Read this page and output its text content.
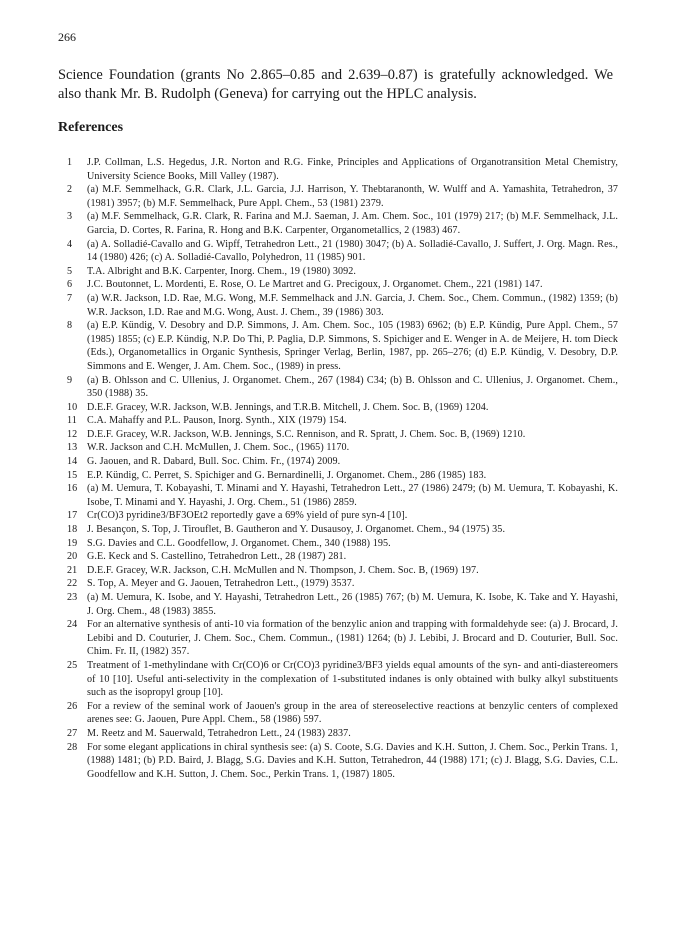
266

Science Foundation (grants No 2.865–0.85 and 2.639–0.87) is gratefully acknowledged. We also thank Mr. B. Rudolph (Geneva) for carrying out the HPLC analysis.

References
1	J.P. Collman, L.S. Hegedus, J.R. Norton and R.G. Finke, Principles and Applications of Organotransition Metal Chemistry, University Science Books, Mill Valley (1987).
2	(a) M.F. Semmelhack, G.R. Clark, J.L. Garcia, J.J. Harrison, Y. Thebtaranonth, W. Wulff and A. Yamashita, Tetrahedron, 37 (1981) 3957; (b) M.F. Semmelhack, Pure Appl. Chem., 53 (1981) 2379.
3	(a) M.F. Semmelhack, G.R. Clark, R. Farina and M.J. Saeman, J. Am. Chem. Soc., 101 (1979) 217; (b) M.F. Semmelhack, J.L. Garcia, D. Cortes, R. Farina, R. Hong and B.K. Carpenter, Organometallics, 2 (1983) 467.
4	(a) A. Solladié-Cavallo and G. Wipff, Tetrahedron Lett., 21 (1980) 3047; (b) A. Solladié-Cavallo, J. Suffert, J. Org. Magn. Res., 14 (1980) 426; (c) A. Solladié-Cavallo, Polyhedron, 11 (1985) 901.
5	T.A. Albright and B.K. Carpenter, Inorg. Chem., 19 (1980) 3092.
6	J.C. Boutonnet, L. Mordenti, E. Rose, O. Le Martret and G. Precigoux, J. Organomet. Chem., 221 (1981) 147.
7	(a) W.R. Jackson, I.D. Rae, M.G. Wong, M.F. Semmelhack and J.N. Garcia, J. Chem. Soc., Chem. Commun., (1982) 1359; (b) W.R. Jackson, I.D. Rae and M.G. Wong, Aust. J. Chem., 39 (1986) 303.
8	(a) E.P. Kündig, V. Desobry and D.P. Simmons, J. Am. Chem. Soc., 105 (1983) 6962; (b) E.P. Kündig, Pure Appl. Chem., 57 (1985) 1855; (c) E.P. Kündig, N.P. Do Thi, P. Paglia, D.P. Simmons, S. Spichiger and E. Wenger in A. de Meijere, H. tom Dieck (Eds.), Organometallics in Organic Synthesis, Springer Verlag, Berlin, 1987, pp. 265–276; (d) E.P. Kündig, V. Desobry, D.P. Simmons and E. Wenger, J. Am. Chem. Soc., (1989) in press.
9	(a) B. Ohlsson and C. Ullenius, J. Organomet. Chem., 267 (1984) C34; (b) B. Ohlsson and C. Ullenius, J. Organomet. Chem., 350 (1988) 35.
10 D.E.F. Gracey, W.R. Jackson, W.B. Jennings, and T.R.B. Mitchell, J. Chem. Soc. B, (1969) 1204.
11 C.A. Mahaffy and P.L. Pauson, Inorg. Synth., XIX (1979) 154.
12 D.E.F. Gracey, W.R. Jackson, W.B. Jennings, S.C. Rennison, and R. Spratt, J. Chem. Soc. B, (1969) 1210.
13 W.R. Jackson and C.H. McMullen, J. Chem. Soc., (1965) 1170.
14 G. Jaouen, and R. Dabard, Bull. Soc. Chim. Fr., (1974) 2009.
15 E.P. Kündig, C. Perret, S. Spichiger and G. Bernardinelli, J. Organomet. Chem., 286 (1985) 183.
16 (a) M. Uemura, T. Kobayashi, T. Minami and Y. Hayashi, Tetrahedron Lett., 27 (1986) 2479; (b) M. Uemura, T. Kobayashi, K. Isobe, T. Minami and Y. Hayashi, J. Org. Chem., 51 (1986) 2859.
17 Cr(CO)3 pyridine3/BF3OEt2 reportedly gave a 69% yield of pure syn-4 [10].
18 J. Besançon, S. Top, J. Tirouflet, B. Gautheron and Y. Dusausoy, J. Organomet. Chem., 94 (1975) 35.
19 S.G. Davies and C.L. Goodfellow, J. Organomet. Chem., 340 (1988) 195.
20 G.E. Keck and S. Castellino, Tetrahedron Lett., 28 (1987) 281.
21 D.E.F. Gracey, W.R. Jackson, C.H. McMullen and N. Thompson, J. Chem. Soc. B, (1969) 197.
22 S. Top, A. Meyer and G. Jaouen, Tetrahedron Lett., (1979) 3537.
23 (a) M. Uemura, K. Isobe, and Y. Hayashi, Tetrahedron Lett., 26 (1985) 767; (b) M. Uemura, K. Isobe, K. Take and Y. Hayashi, J. Org. Chem., 48 (1983) 3855.
24 For an alternative synthesis of anti-10 via formation of the benzylic anion and trapping with formaldehyde see: (a) J. Brocard, J. Lebibi and D. Couturier, J. Chem. Soc., Chem. Commun., (1981) 1264; (b) J. Lebibi, J. Brocard and D. Couturier, Bull. Soc. Chim. Fr. II, (1982) 357.
25 Treatment of 1-methylindane with Cr(CO)6 or Cr(CO)3 pyridine3/BF3 yields equal amounts of the syn- and anti-diastereomers of 10 [10]. Useful anti-selectivity in the complexation of 1-substituted indanes is only obtained with bulky alkyl substituents such as the isopropyl group [10].
26 For a review of the seminal work of Jaouen's group in the area of stereoselective reactions at benzylic centers of complexed arenes see: G. Jaouen, Pure Appl. Chem., 58 (1986) 597.
27 M. Reetz and M. Sauerwald, Tetrahedron Lett., 24 (1983) 2837.
28 For some elegant applications in chiral synthesis see: (a) S. Coote, S.G. Davies and K.H. Sutton, J. Chem. Soc., Perkin Trans. 1, (1988) 1481; (b) P.D. Baird, J. Blagg, S.G. Davies and K.H. Sutton, Tetrahedron, 44 (1988) 171; (c) J. Blagg, S.G. Davies, C.L. Goodfellow and K.H. Sutton, J. Chem. Soc., Perkin Trans. 1, (1987) 1805.
